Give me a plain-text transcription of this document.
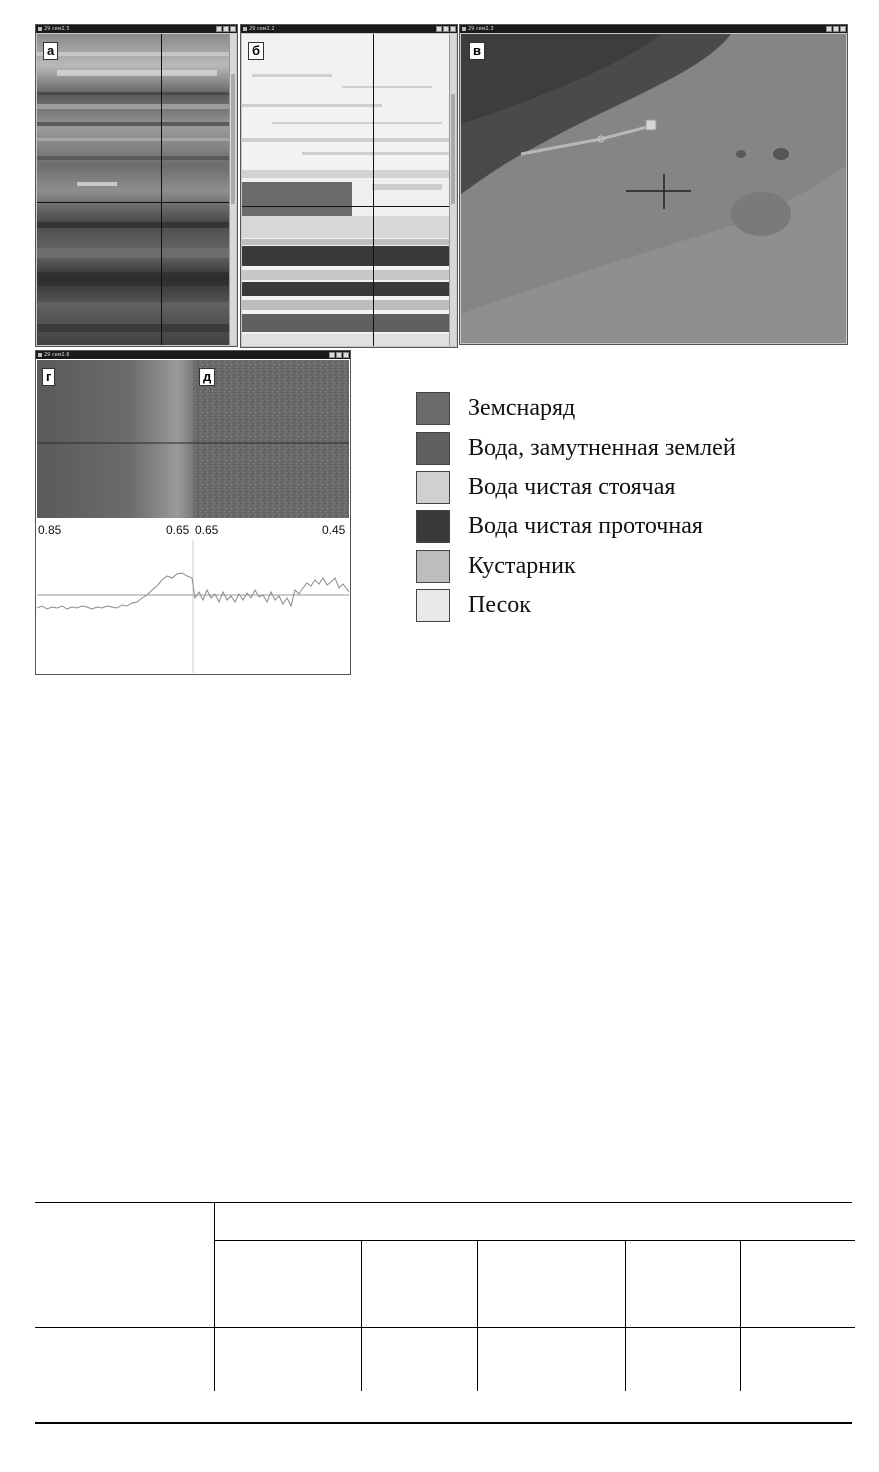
29 сем2.5
а
29 сем2.2
б
29 сем2.3
в
29 сем2.6
г	д
0.85	0.65 0.65	0.45
Земснаряд
Вода, замутненная землей
Вода чистая стоячая
Вода чистая проточная
Кустарник
Песок
